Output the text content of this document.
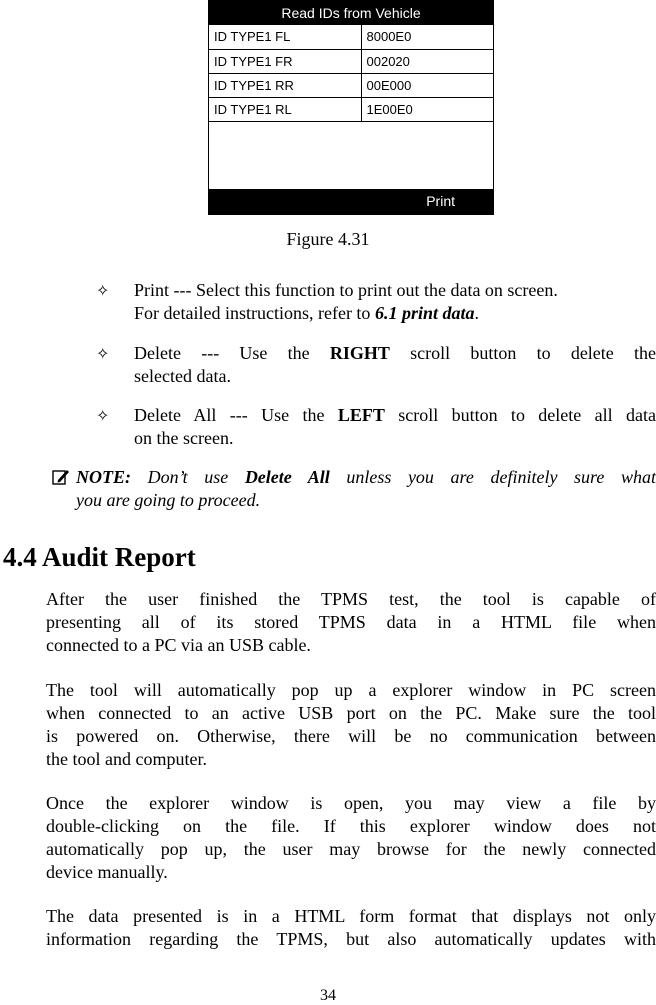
Read IDs from Vehicle
ID TYPE1 FL	8000E0
ID TYPE1 FR	002020
ID TYPE1 RR	00E000
ID TYPE1 RL	1E00E0
Print
Figure 4.31
✧ Print --- Select this function to print out the data on screen.
For detailed instructions, refer to 6.1 print data.
✧ Delete --- Use the RIGHT scroll button to delete the
selected data.
✧ Delete All --- Use the LEFT scroll button to delete all data
on the screen.
NOTE: Don’t use Delete All unless you are definitely sure what
you are going to proceed.
4.4 Audit Report
After the user finished the TPMS test, the tool is capable of
presenting all of its stored TPMS data in a HTML file when
connected to a PC via an USB cable.
The tool will automatically pop up a explorer window in PC screen
when connected to an active USB port on the PC. Make sure the tool
is powered on. Otherwise, there will be no communication between
the tool and computer.
Once the explorer window is open, you may view a file by
double-clicking on the file. If this explorer window does not
automatically pop up, the user may browse for the newly connected
device manually.
The data presented is in a HTML form format that displays not only
information regarding the TPMS, but also automatically updates with
34
